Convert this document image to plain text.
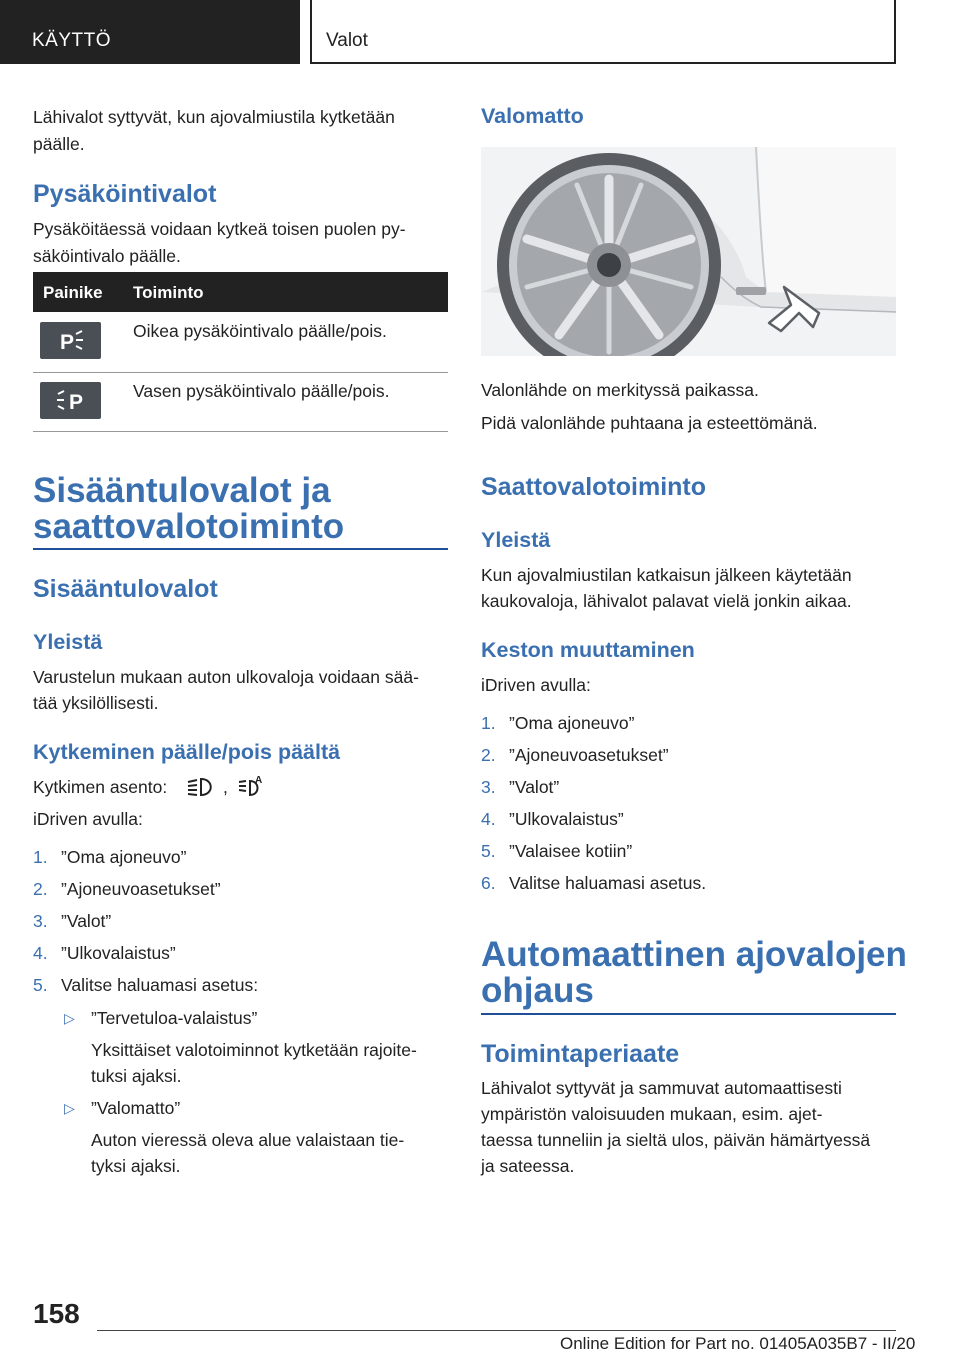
KÄYTTÖ	Valot
Lähivalot syttyvät, kun ajovalmiustila kytketään
päälle.
Pysäköintivalot
Pysäköitäessä voidaan kytkeä toisen puolen py-
säköintivalo päälle.
Painike Toiminto
P	Oikea pysäköintivalo päälle/pois.
P	Vasen pysäköintivalo päälle/pois.
Sisääntulovalot ja
saattovalotoiminto
Sisääntulovalot
Yleistä
Varustelun mukaan auton ulkovaloja voidaan sää-
tää yksilöllisesti.
Kytkeminen päälle/pois päältä
Kytkimen asento:	,	A
iDriven avulla:
1. ”Oma ajoneuvo”
2. ”Ajoneuvoasetukset”
3. ”Valot”
4. ”Ulkovalaistus”
5. Valitse haluamasi asetus:
▷ ”Tervetuloa-valaistus”
Yksittäiset valotoiminnot kytketään rajoite-
tuksi ajaksi.
▷ ”Valomatto”
Auton vieressä oleva alue valaistaan tie-
tyksi ajaksi.
Valomatto
Valonlähde on merkityssä paikassa.
Pidä valonlähde puhtaana ja esteettömänä.
Saattovalotoiminto
Yleistä
Kun ajovalmiustilan katkaisun jälkeen käytetään
kaukovaloja, lähivalot palavat vielä jonkin aikaa.
Keston muuttaminen
iDriven avulla:
1. ”Oma ajoneuvo”
2. ”Ajoneuvoasetukset”
3. ”Valot”
4. ”Ulkovalaistus”
5. ”Valaisee kotiin”
6. Valitse haluamasi asetus.
Automaattinen ajovalojen
ohjaus
Toimintaperiaate
Lähivalot syttyvät ja sammuvat automaattisesti
ympäristön valoisuuden mukaan, esim. ajet-
taessa tunneliin ja sieltä ulos, päivän hämärtyessä
ja sateessa.
158
Online Edition for Part no. 01405A035B7 - II/20
